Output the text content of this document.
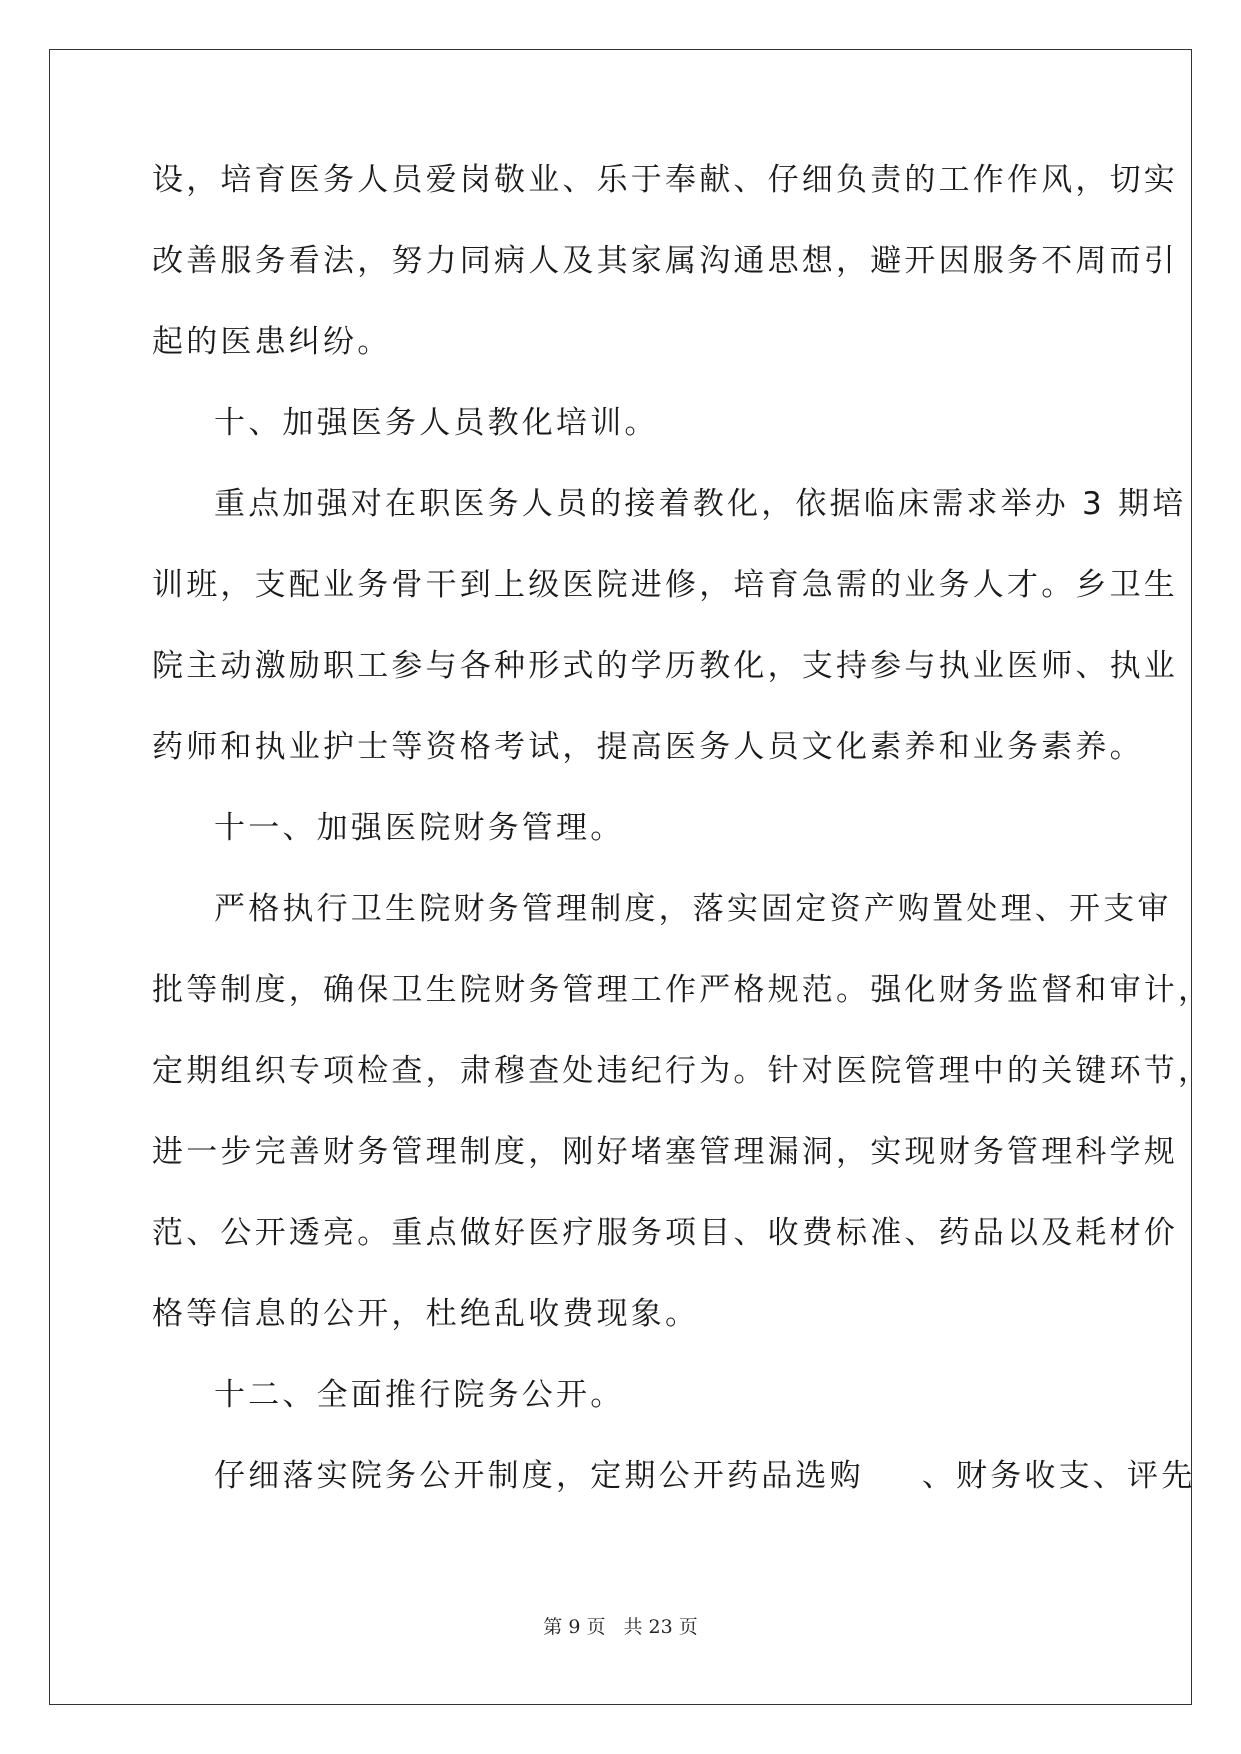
设，培育医务人员爱岗敬业、乐于奉献、仔细负责的工作作风，切实
改善服务看法，努力同病人及其家属沟通思想，避开因服务不周而引
起的医患纠纷。
十、加强医务人员教化培训。
重点加强对在职医务人员的接着教化，依据临床需求举办 3 期培
训班，支配业务骨干到上级医院进修，培育急需的业务人才。乡卫生
院主动激励职工参与各种形式的学历教化，支持参与执业医师、执业
药师和执业护士等资格考试，提高医务人员文化素养和业务素养。
十一、加强医院财务管理。
严格执行卫生院财务管理制度，落实固定资产购置处理、开支审
批等制度，确保卫生院财务管理工作严格规范。强化财务监督和审计，
定期组织专项检查，肃穆查处违纪行为。针对医院管理中的关键环节，
进一步完善财务管理制度，刚好堵塞管理漏洞，实现财务管理科学规
范、公开透亮。重点做好医疗服务项目、收费标准、药品以及耗材价
格等信息的公开，杜绝乱收费现象。
十二、全面推行院务公开。
仔细落实院务公开制度，定期公开药品选购 、财务收支、评先
第 9 页 共 23 页
